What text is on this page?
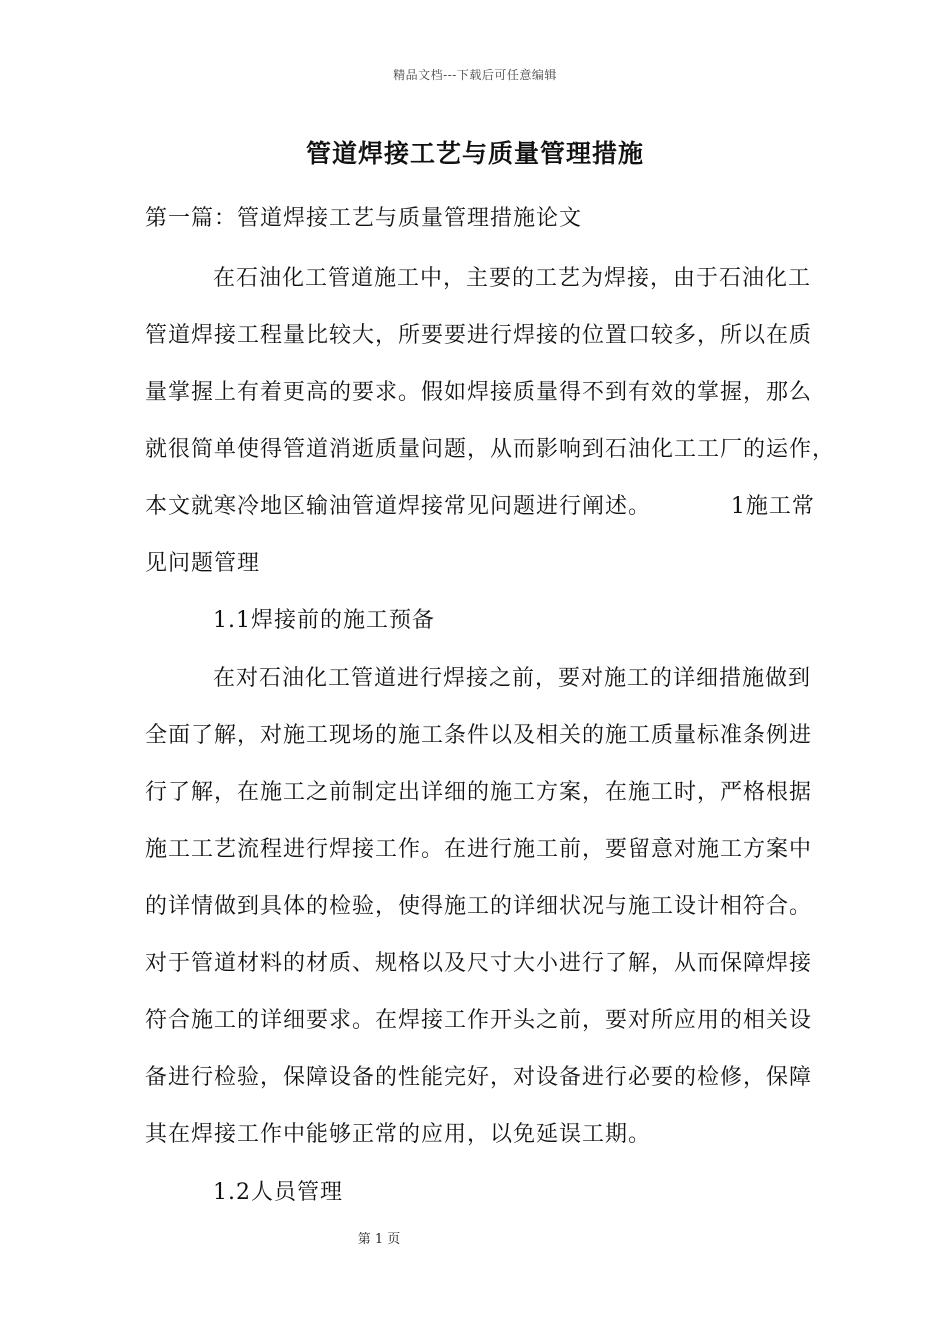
精品文档---下载后可任意编辑
管道焊接工艺与质量管理措施
第一篇：管道焊接工艺与质量管理措施论文
在石油化工管道施工中，主要的工艺为焊接，由于石油化工
管道焊接工程量比较大，所要要进行焊接的位置口较多，所以在质
量掌握上有着更高的要求。假如焊接质量得不到有效的掌握，那么
就很简单使得管道消逝质量问题，从而影响到石油化工工厂的运作，
本文就寒冷地区输油管道焊接常见问题进行阐述。          1施工常
见问题管理
1.1焊接前的施工预备
在对石油化工管道进行焊接之前，要对施工的详细措施做到
全面了解，对施工现场的施工条件以及相关的施工质量标准条例进
行了解，在施工之前制定出详细的施工方案，在施工时，严格根据
施工工艺流程进行焊接工作。在进行施工前，要留意对施工方案中
的详情做到具体的检验，使得施工的详细状况与施工设计相符合。
对于管道材料的材质、规格以及尺寸大小进行了解，从而保障焊接
符合施工的详细要求。在焊接工作开头之前，要对所应用的相关设
备进行检验，保障设备的性能完好，对设备进行必要的检修，保障
其在焊接工作中能够正常的应用，以免延误工期。
1.2人员管理
第 1 页
